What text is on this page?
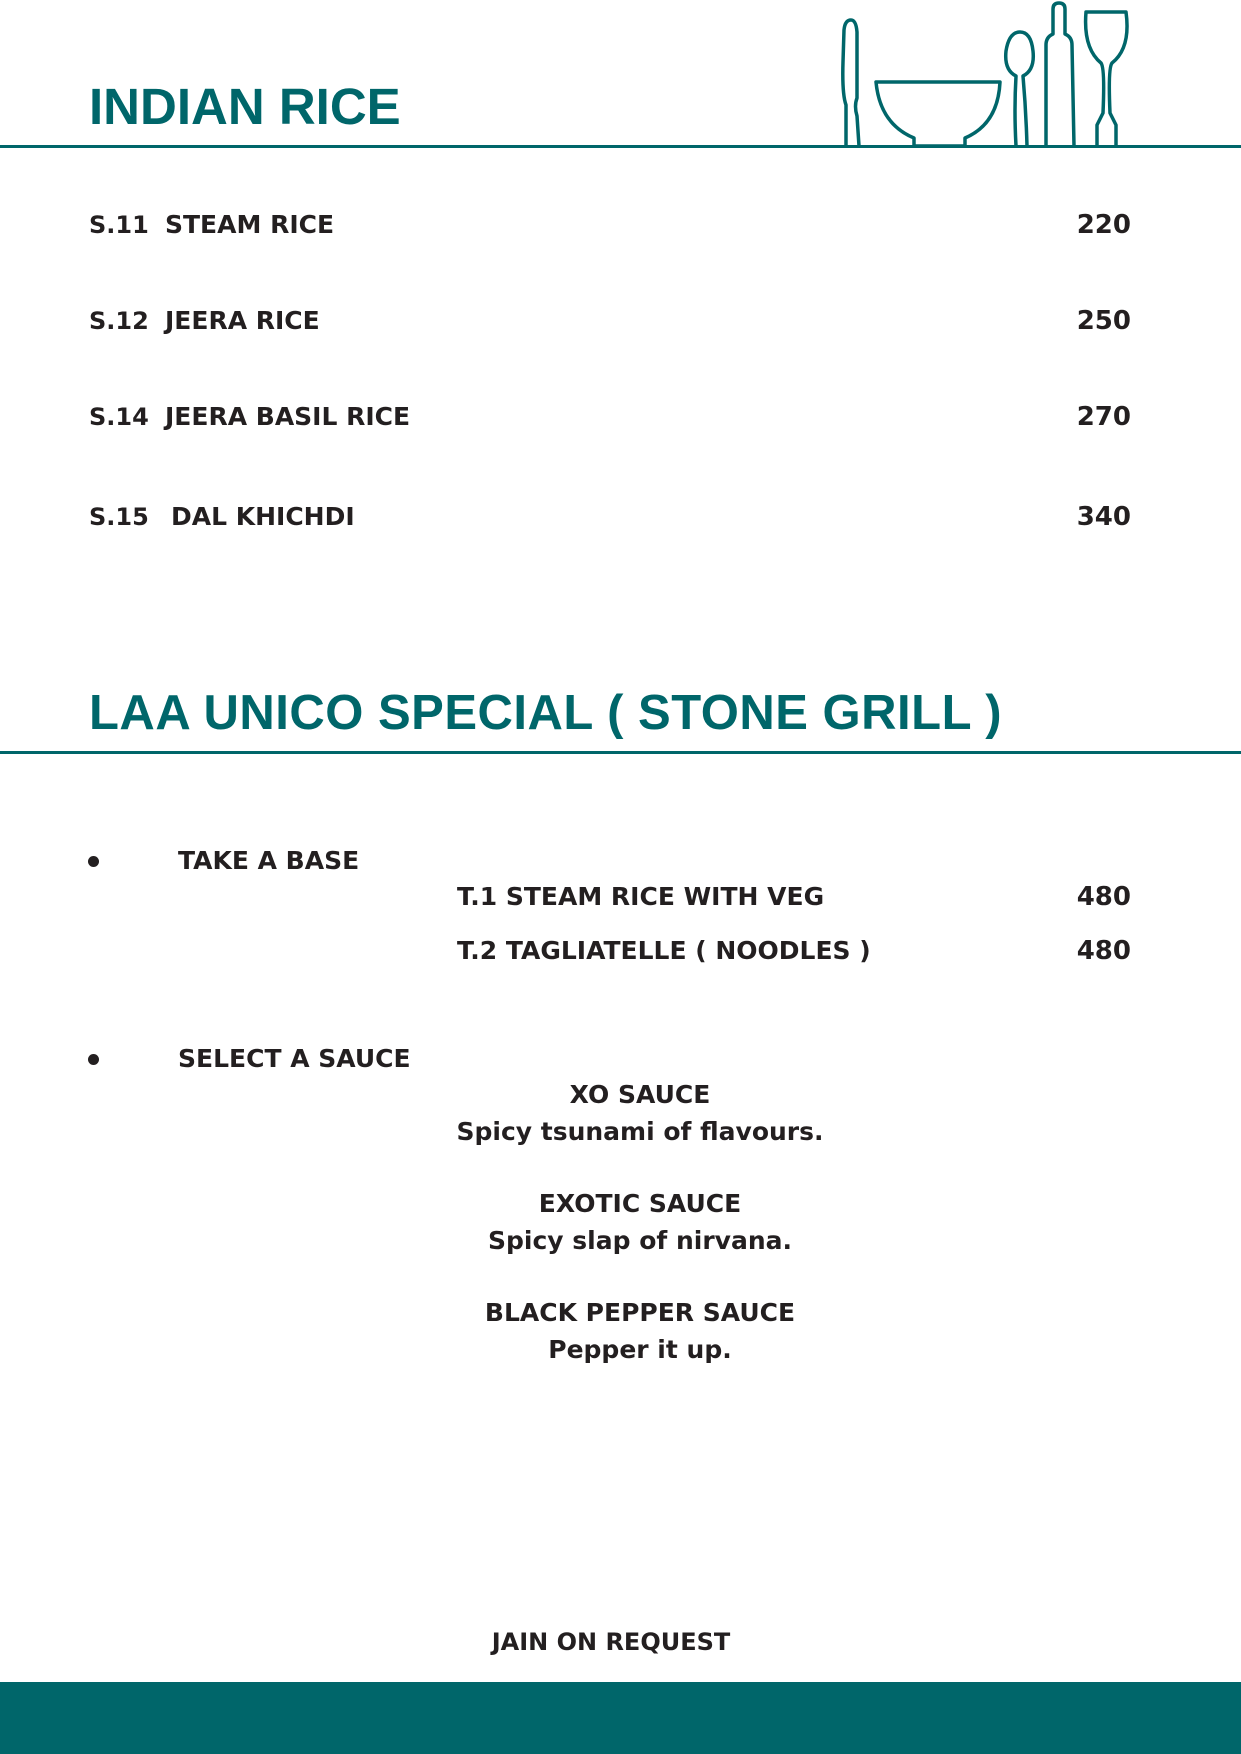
INDIAN RICE
S.11 STEAM RICE	220
S.12 JEERA RICE	250
S.14 JEERA BASIL RICE	270
S.15 DAL KHICHDI	340
LAA UNICO SPECIAL ( STONE GRILL )
TAKE A BASE
T.1 STEAM RICE WITH VEG	480
T.2 TAGLIATELLE ( NOODLES )	480
SELECT A SAUCE
XO SAUCE
Spicy tsunami of flavours.
EXOTIC SAUCE
Spicy slap of nirvana.
BLACK PEPPER SAUCE
Pepper it up.
JAIN ON REQUEST
